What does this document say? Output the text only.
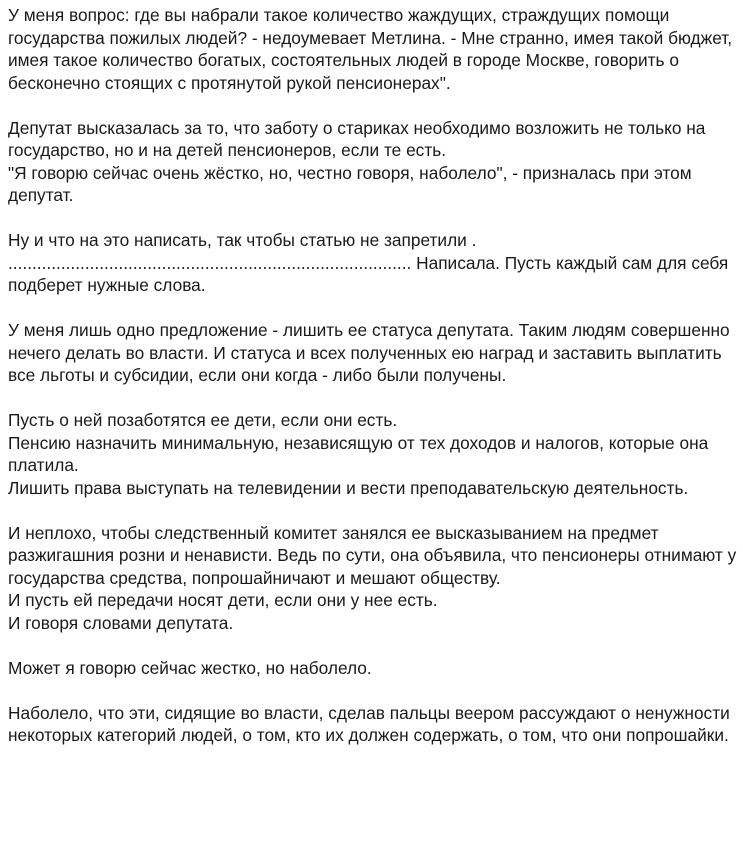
У меня вопрос: где вы набрали такое количество жаждущих, страждущих помощи государства пожилых людей? - недоумевает Метлина. - Мне странно, имея такой бюджет, имея такое количество богатых, состоятельных людей в городе Москве, говорить о бесконечно стоящих с протянутой рукой пенсионерах".

Депутат высказалась за то, что заботу о стариках необходимо возложить не только на государство, но и на детей пенсионеров, если те есть.
"Я говорю сейчас очень жёстко, но, честно говоря, наболело", - призналась при этом депутат.

Ну и что на это написать, так чтобы статью не запретили .
.................................................................................... Написала. Пусть каждый сам для себя подберет нужные слова.

У меня лишь одно предложение - лишить ее статуса депутата. Таким людям совершенно нечего делать во власти. И статуса и всех полученных ею наград и заставить выплатить все льготы и субсидии, если они когда - либо были получены.

Пусть о ней позаботятся ее дети, если они есть.
Пенсию назначить минимальную, независящую от тех доходов и налогов, которые она платила.
Лишить права выступать на телевидении и вести преподавательскую деятельность.

И неплохо, чтобы следственный комитет занялся ее высказыванием на предмет разжигашния розни и ненависти. Ведь по сути, она объявила, что пенсионеры отнимают у государства средства, попрошайничают и мешают обществу.
И пусть ей передачи носят дети, если они у нее есть.
И говоря словами депутата.

Может я говорю сейчас жестко, но наболело.

Наболело, что эти, сидящие во власти, сделав пальцы веером рассуждают о ненужности некоторых категорий людей, о том, кто их должен содержать, о том, что они попрошайки.
